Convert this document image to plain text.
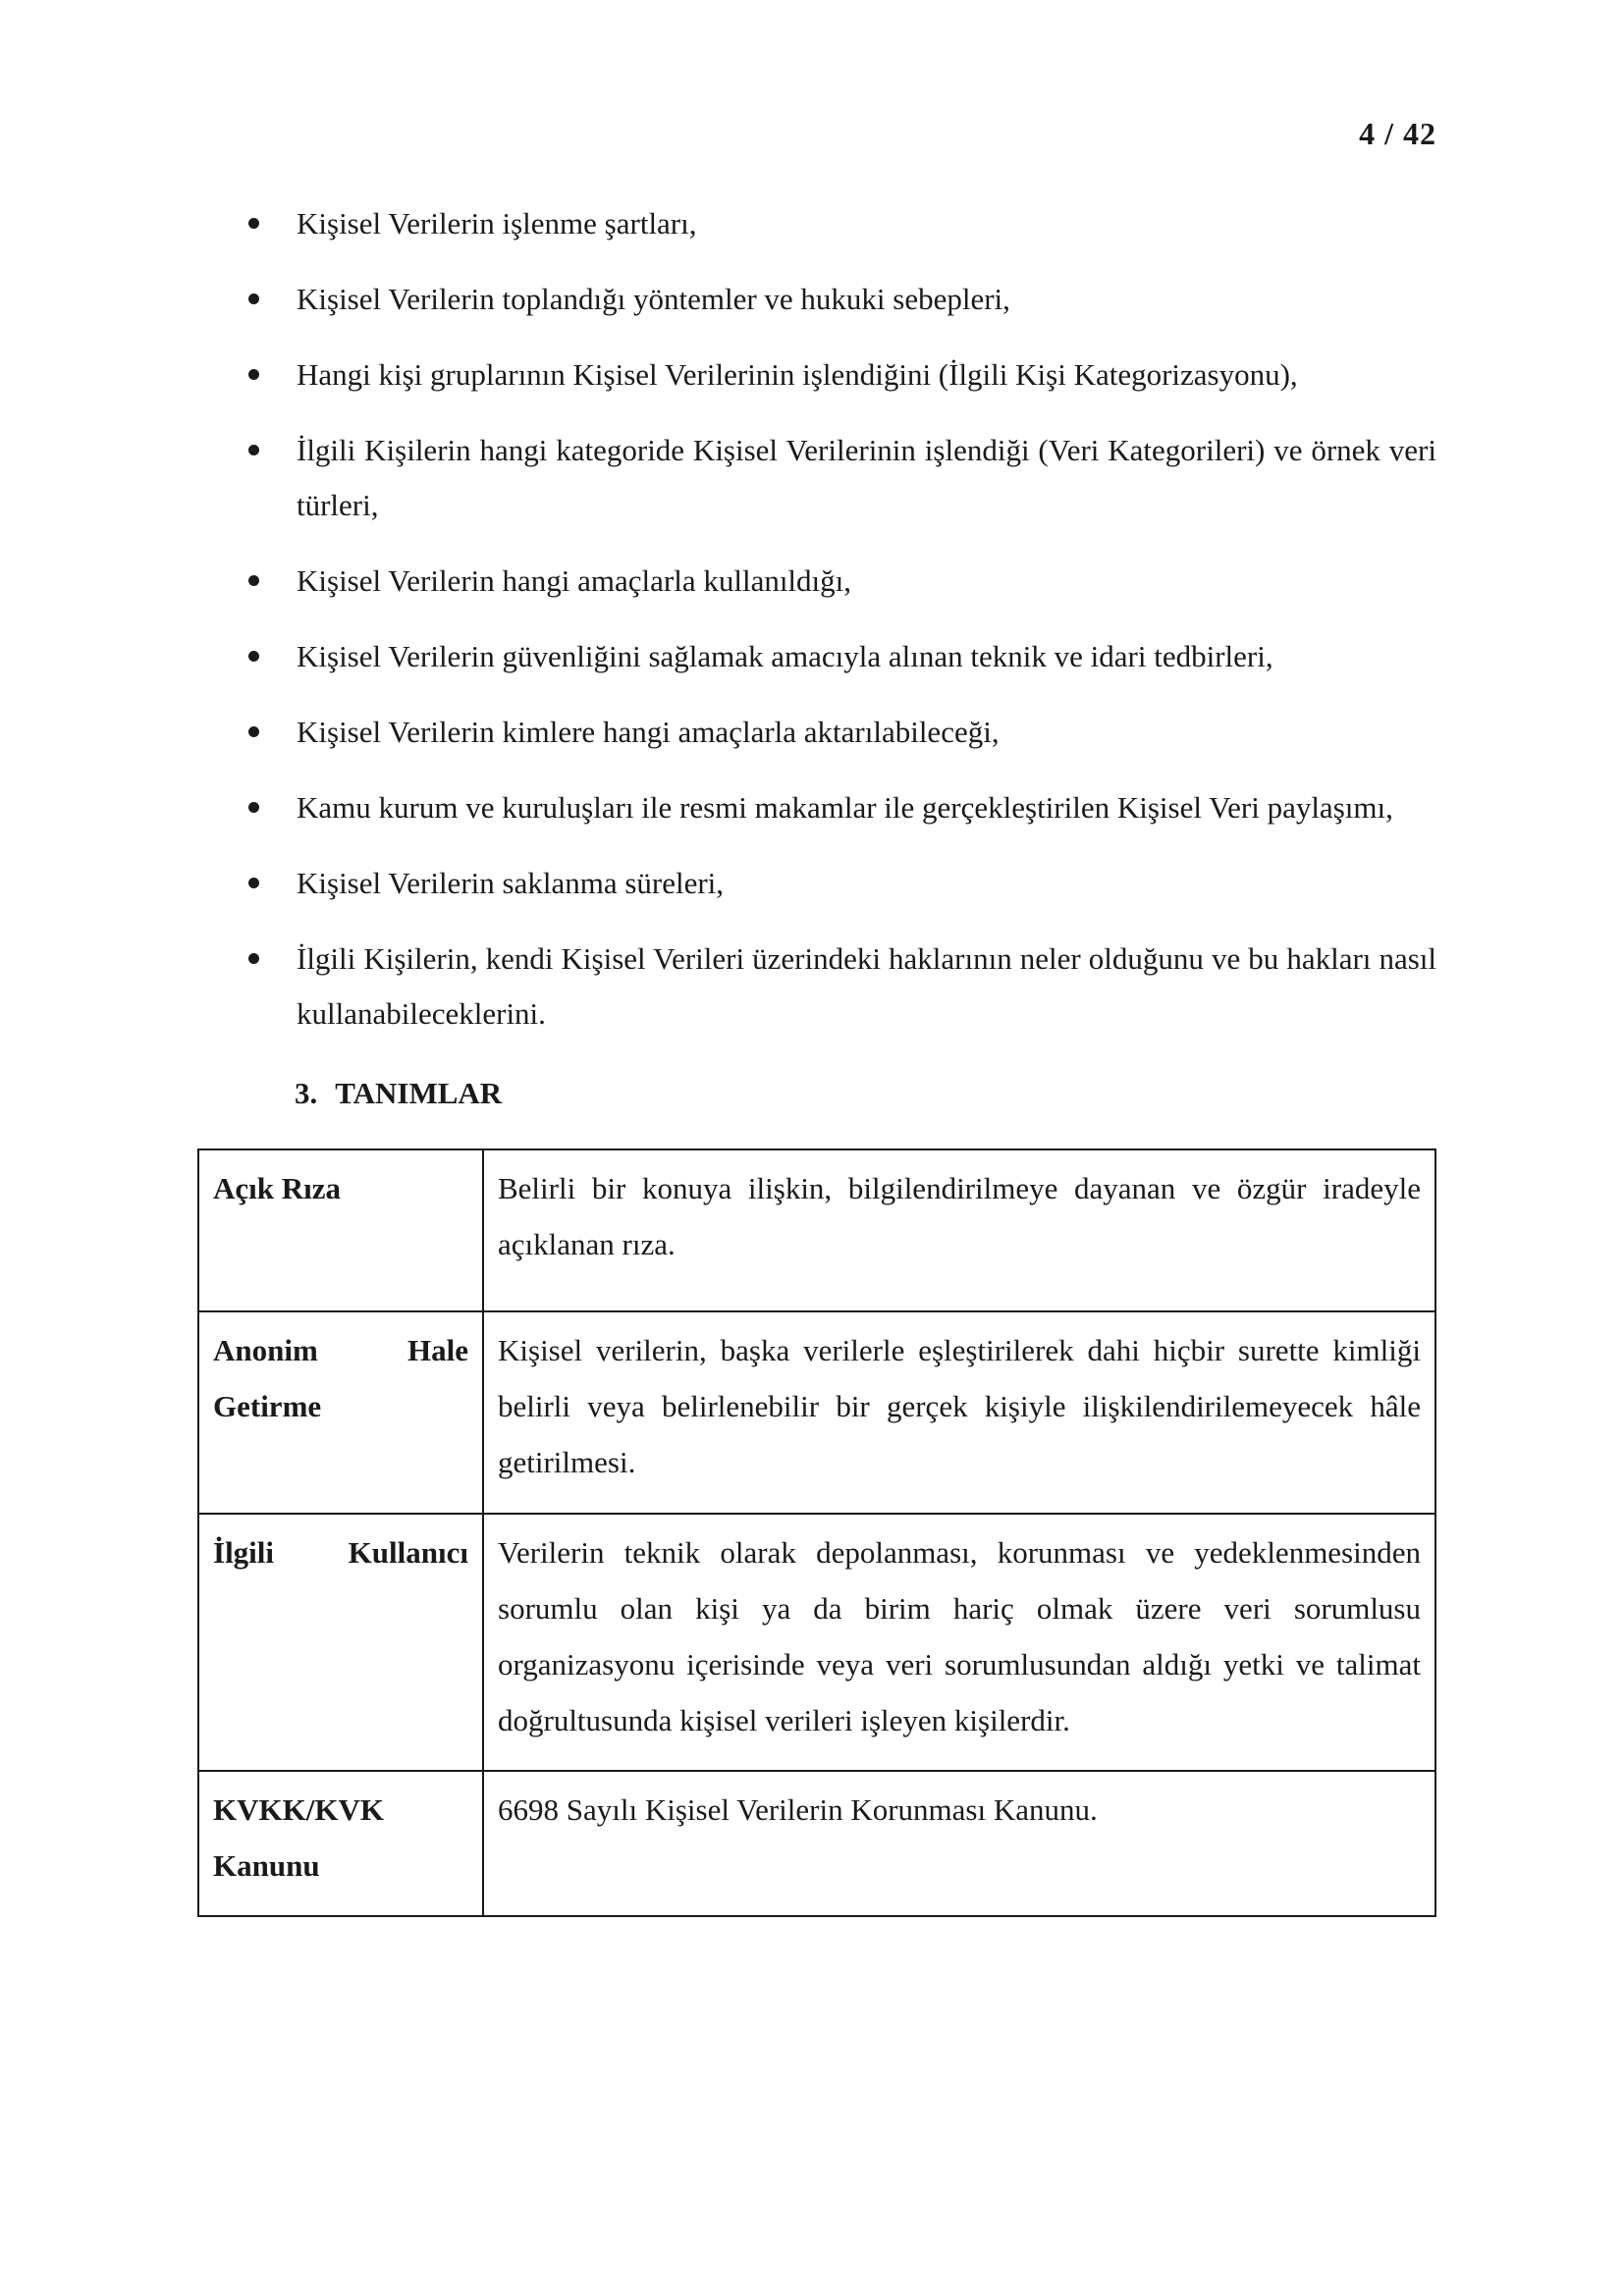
4 / 42
Kişisel Verilerin işlenme şartları,
Kişisel Verilerin toplandığı yöntemler ve hukuki sebepleri,
Hangi kişi gruplarının Kişisel Verilerinin işlendiğini (İlgili Kişi Kategorizasyonu),
İlgili Kişilerin hangi kategoride Kişisel Verilerinin işlendiği (Veri Kategorileri) ve örnek veri türleri,
Kişisel Verilerin hangi amaçlarla kullanıldığı,
Kişisel Verilerin güvenliğini sağlamak amacıyla alınan teknik ve idari tedbirleri,
Kişisel Verilerin kimlere hangi amaçlarla aktarılabileceği,
Kamu kurum ve kuruluşları ile resmi makamlar ile gerçekleştirilen Kişisel Veri paylaşımı,
Kişisel Verilerin saklanma süreleri,
İlgili Kişilerin, kendi Kişisel Verileri üzerindeki haklarının neler olduğunu ve bu hakları nasıl kullanabileceklerini.
3. TANIMLAR
Açık Rıza	Belirli bir konuya ilişkin, bilgilendirilmeye dayanan ve özgür iradeyle açıklanan rıza.
Anonim Hale Getirme	Kişisel verilerin, başka verilerle eşleştirilerek dahi hiçbir surette kimliği belirli veya belirlenebilir bir gerçek kişiyle ilişkilendirilemeyecek hâle getirilmesi.
İlgili Kullanıcı	Verilerin teknik olarak depolanması, korunması ve yedeklenmesinden sorumlu olan kişi ya da birim hariç olmak üzere veri sorumlusu organizasyonu içerisinde veya veri sorumlusundan aldığı yetki ve talimat doğrultusunda kişisel verileri işleyen kişilerdir.
KVKK/KVK Kanunu	6698 Sayılı Kişisel Verilerin Korunması Kanunu.
